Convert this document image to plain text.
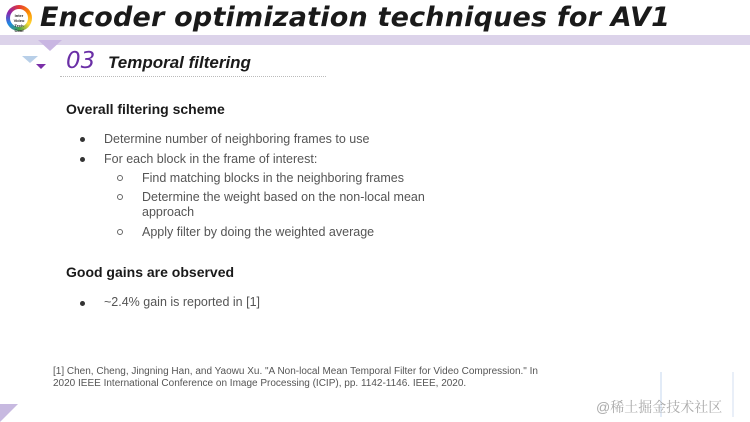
Inter Video Tech Conf Encoder optimization techniques for AV1
03 Temporal filtering
Overall filtering scheme
Determine number of neighboring frames to use
For each block in the frame of interest:
Find matching blocks in the neighboring frames
Determine the weight based on the non-local mean
approach
Apply filter by doing the weighted average
Good gains are observed
~2.4% gain is reported in [1]
[1] Chen, Cheng, Jingning Han, and Yaowu Xu. "A Non-local Mean Temporal Filter for Video Compression." In
2020 IEEE International Conference on Image Processing (ICIP), pp. 1142-1146. IEEE, 2020.
@稀土掘金技术社区
